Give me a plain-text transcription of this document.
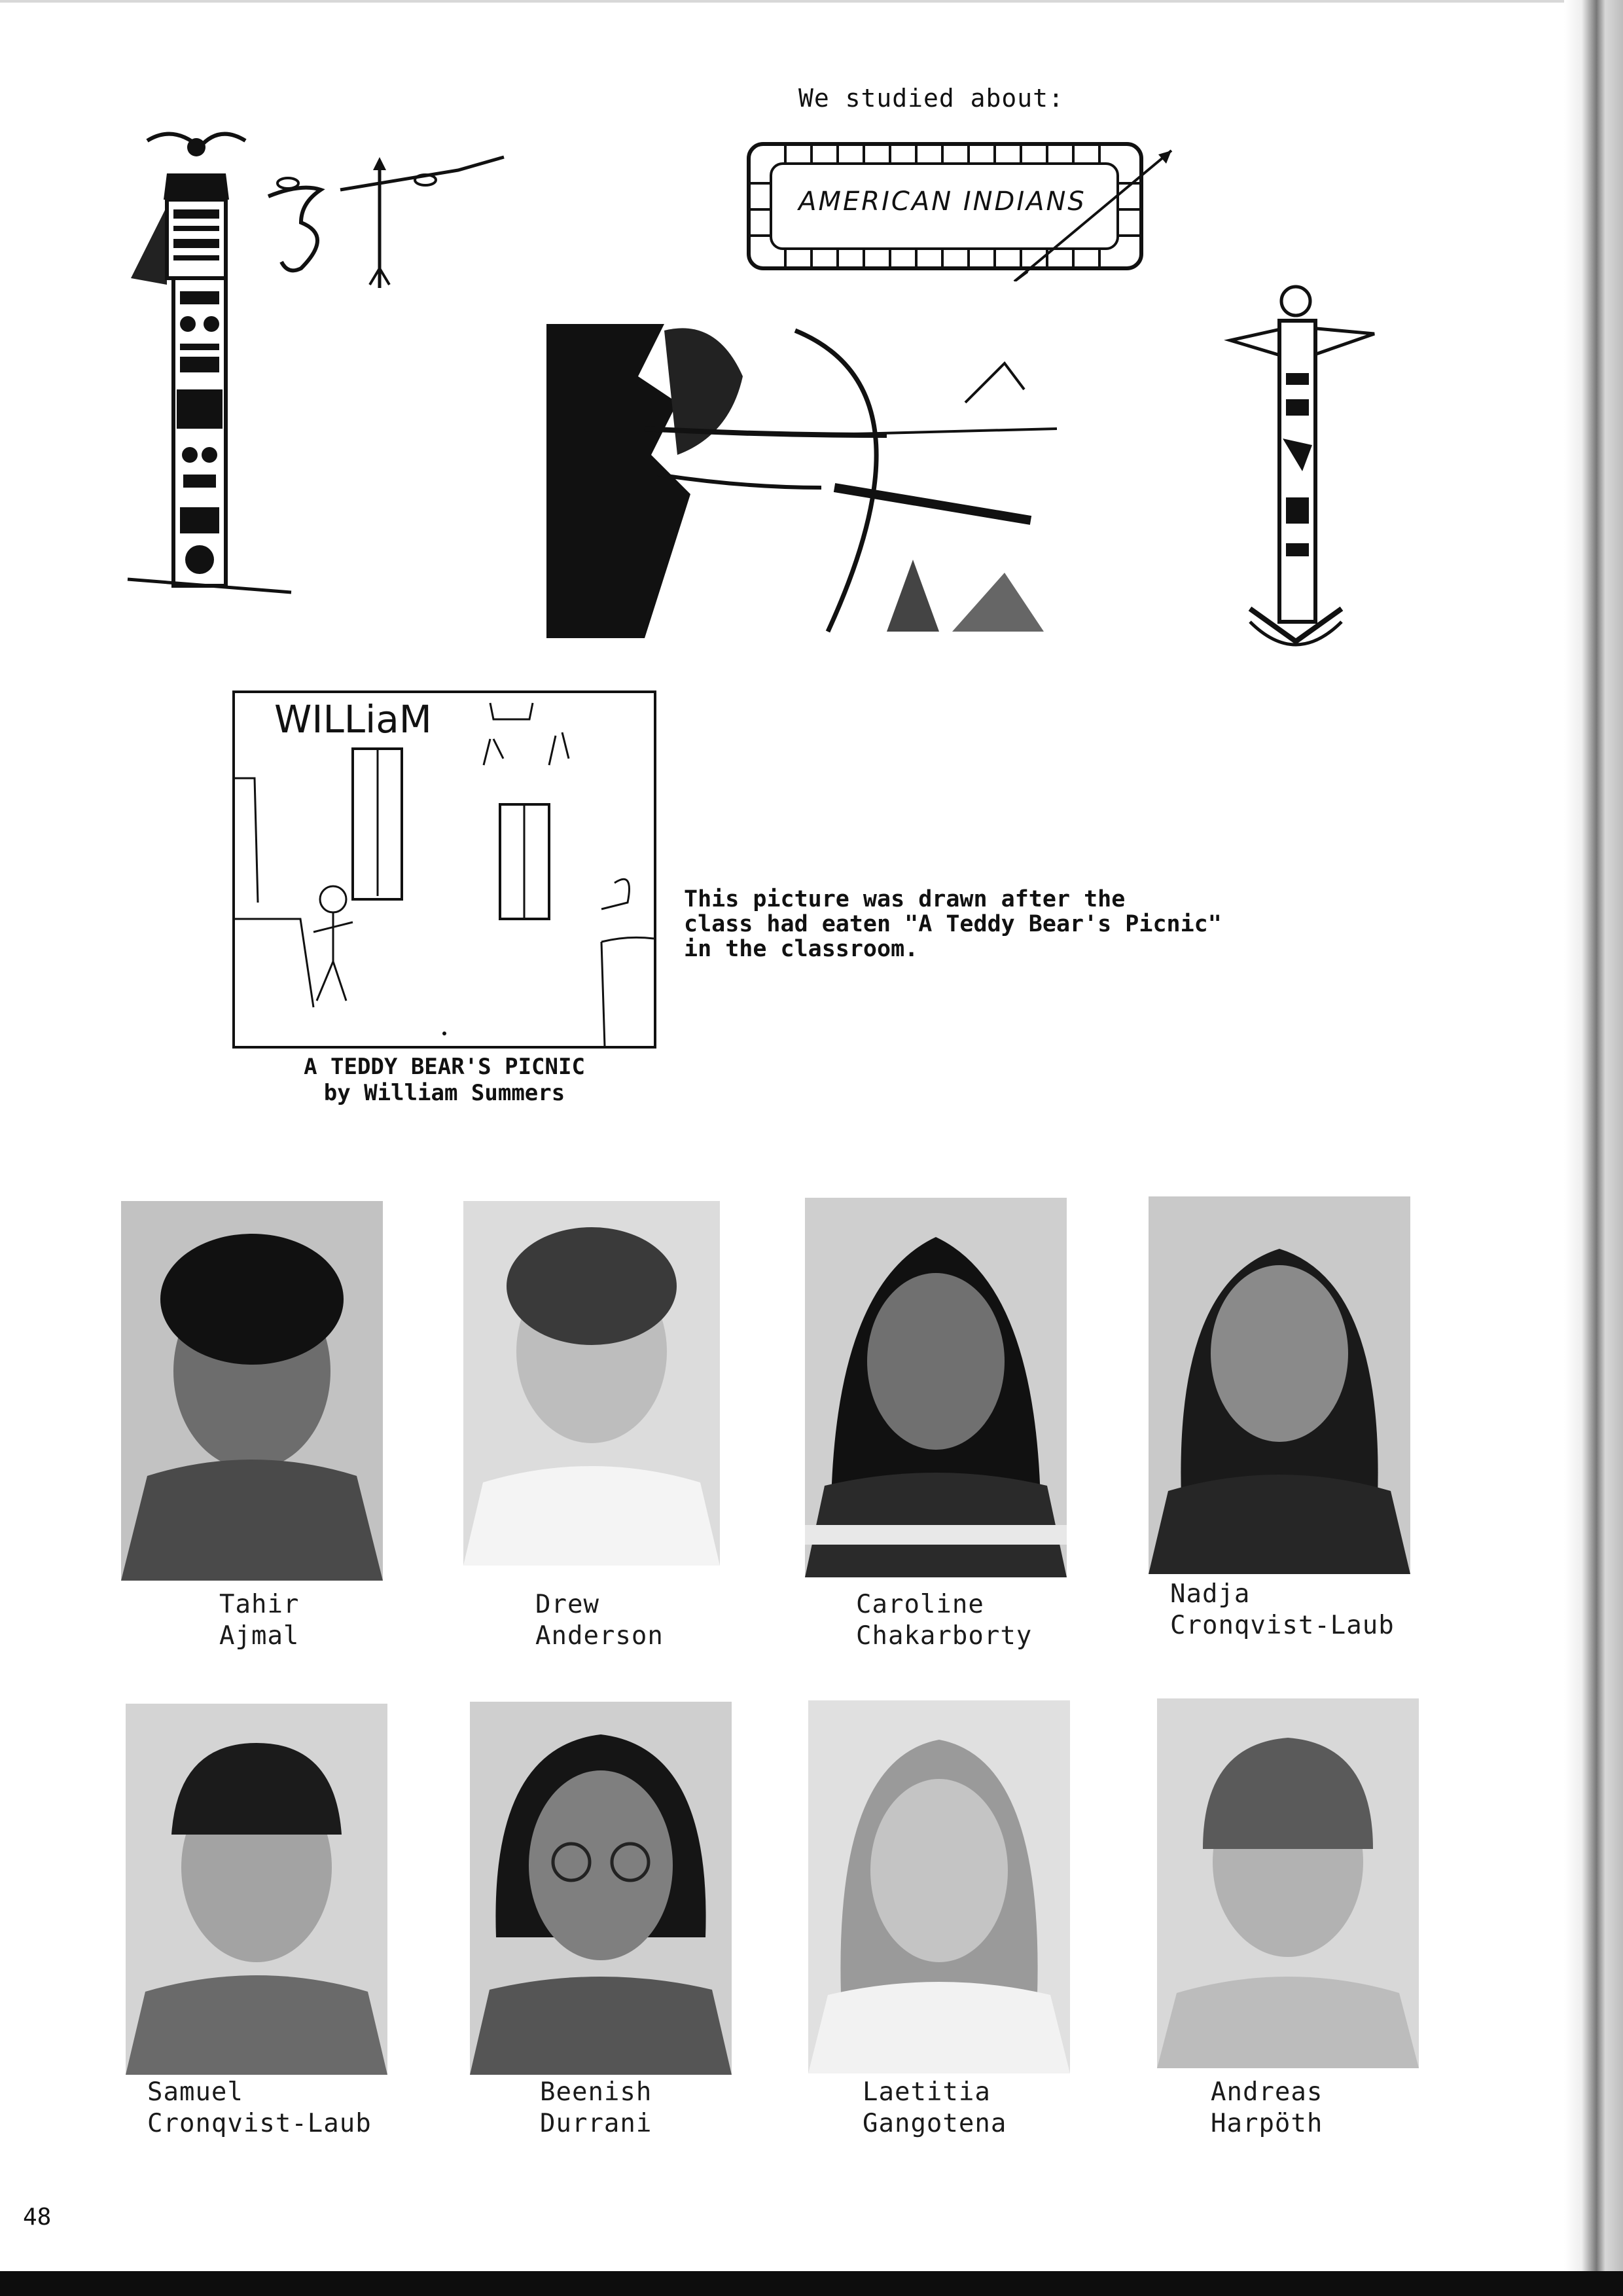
We studied about:
AMERICAN INDIANS
WILLiaM
A TEDDY BEAR'S PICNIC
by William Summers
This picture was drawn after the
class had eaten "A Teddy Bear's Picnic"
in the classroom.
Tahir
Ajmal
Drew
Anderson
Caroline
Chakarborty
Nadja
Cronqvist-Laub
Samuel
Cronqvist-Laub
Beenish
Durrani
Laetitia
Gangotena
Andreas
Harpöth
48
